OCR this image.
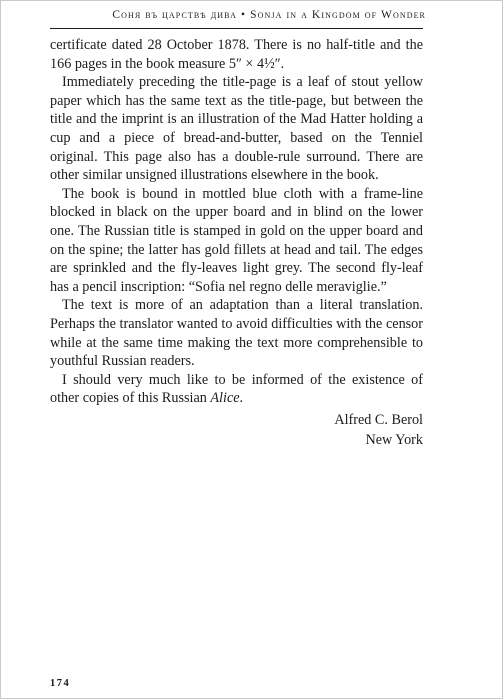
Соня въ царствѣ дива • Sonja in a Kingdom of Wonder

certificate dated 28 October 1878. There is no half-title and the 166 pages in the book measure 5″ × 4½″.

Immediately preceding the title-page is a leaf of stout yellow paper which has the same text as the title-page, but between the title and the imprint is an illustration of the Mad Hatter holding a cup and a piece of bread-and-butter, based on the Tenniel original. This page also has a double-rule surround. There are other similar unsigned illustrations elsewhere in the book.

The book is bound in mottled blue cloth with a frame-line blocked in black on the upper board and in blind on the lower one. The Russian title is stamped in gold on the upper board and on the spine; the latter has gold fillets at head and tail. The edges are sprinkled and the fly-leaves light grey. The second fly-leaf has a pencil inscription: “Sofia nel regno delle meraviglie.”

The text is more of an adaptation than a literal translation. Perhaps the translator wanted to avoid difficulties with the censor while at the same time making the text more comprehensible to youthful Russian readers.

I should very much like to be informed of the existence of other copies of this Russian Alice.

Alfred C. Berol
New York
174
